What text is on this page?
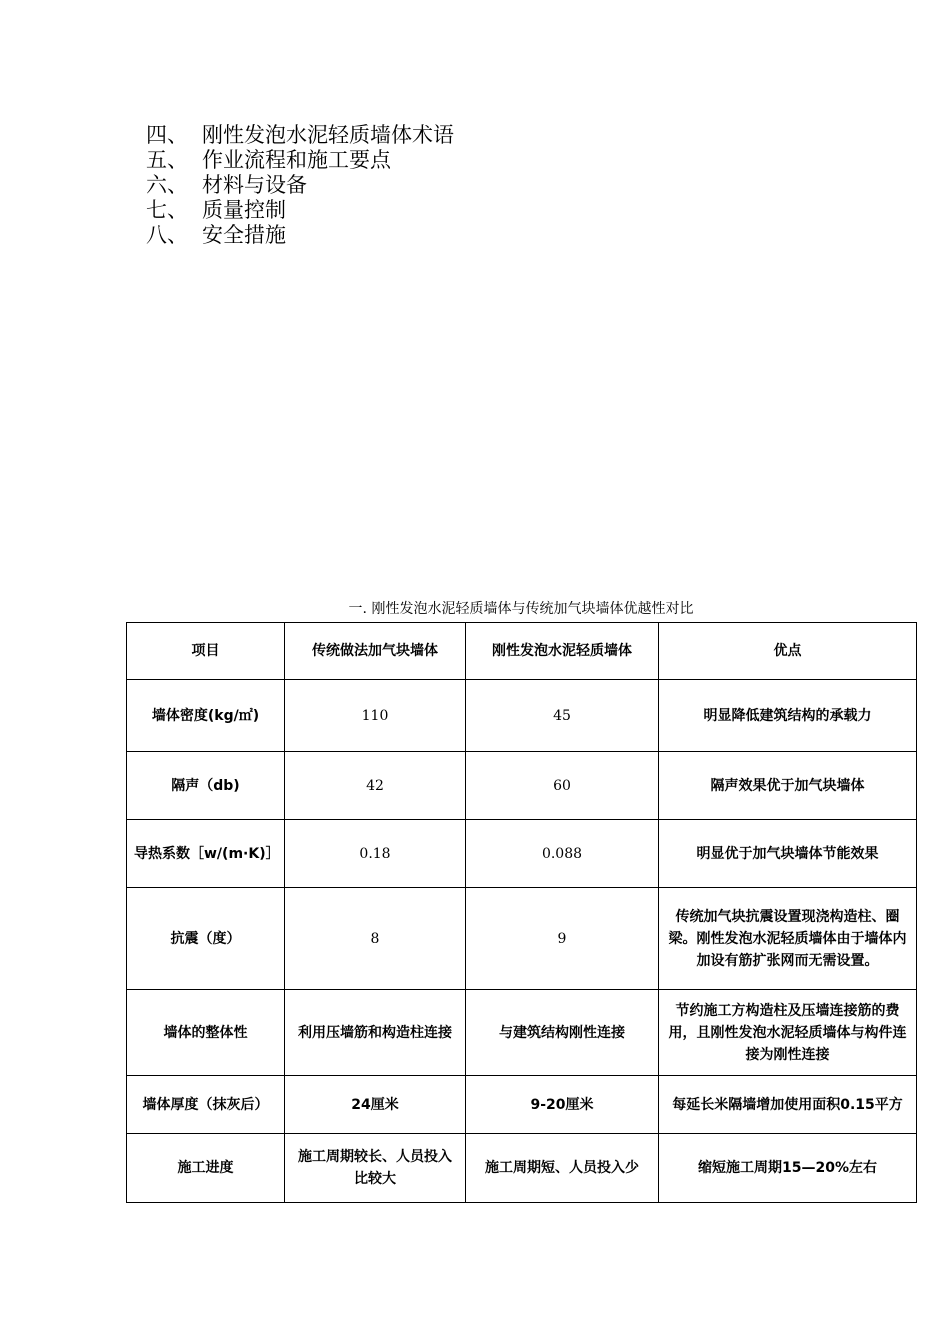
四、 刚性发泡水泥轻质墙体术语
五、 作业流程和施工要点
六、 材料与设备
七、 质量控制
八、 安全措施
一. 刚性发泡水泥轻质墙体与传统加气块墙体优越性对比
项目	传统做法加气块墙体	刚性发泡水泥轻质墙体	优点
墙体密度(kg/㎡)	110	45	明显降低建筑结构的承载力
隔声（db)	42	60	隔声效果优于加气块墙体
导热系数［w/(m·K)］	0.18	0.088	明显优于加气块墙体节能效果
抗震（度）	8	9	传统加气块抗震设置现浇构造柱、圈梁。刚性发泡水泥轻质墙体由于墙体内加设有筋扩张网而无需设置。
墙体的整体性	利用压墙筋和构造柱连接	与建筑结构刚性连接	节约施工方构造柱及压墙连接筋的费用，且刚性发泡水泥轻质墙体与构件连接为刚性连接
墙体厚度（抹灰后）	24厘米	9-20厘米	每延长米隔墙增加使用面积0.15平方
施工进度	施工周期较长、人员投入比较大	施工周期短、人员投入少	缩短施工周期15—20%左右
